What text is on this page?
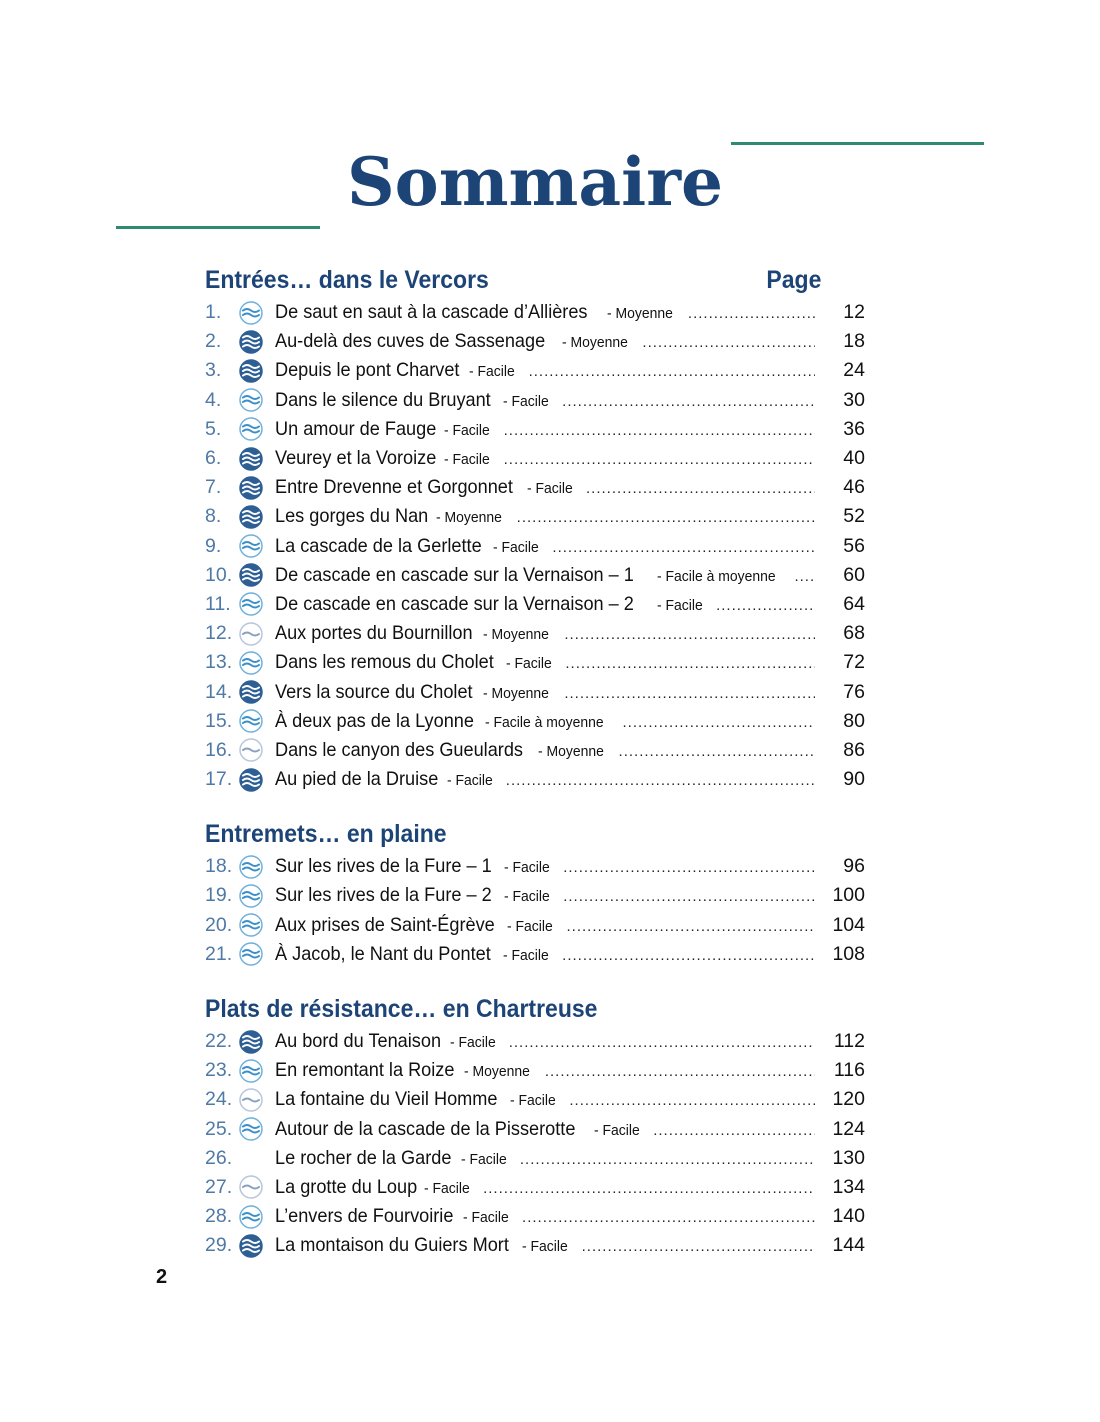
Sommaire
Entrées… dans le Vercors	Page
1.	De saut en saut à la cascade d’Allières - Moyenne .....	12
2.	Au-delà des cuves de Sassenage - Moyenne .....	18
3.	Depuis le pont Charvet - Facile .....	24
4.	Dans le silence du Bruyant - Facile .....	30
5.	Un amour de Fauge - Facile .....	36
6.	Veurey et la Voroize - Facile .....	40
7.	Entre Drevenne et Gorgonnet - Facile .....	46
8.	Les gorges du Nan - Moyenne .....	52
9.	La cascade de la Gerlette - Facile .....	56
10.	De cascade en cascade sur la Vernaison – 1 - Facile à moyenne .....	60
11.	De cascade en cascade sur la Vernaison – 2 - Facile .....	64
12.	Aux portes du Bournillon - Moyenne .....	68
13.	Dans les remous du Cholet - Facile .....	72
14.	Vers la source du Cholet - Moyenne .....	76
15.	À deux pas de la Lyonne - Facile à moyenne .....	80
16.	Dans le canyon des Gueulards - Moyenne .....	86
17.	Au pied de la Druise - Facile .....	90
Entremets… en plaine
18.	Sur les rives de la Fure – 1 - Facile .....	96
19.	Sur les rives de la Fure – 2 - Facile .....	100
20.	Aux prises de Saint-Égrève - Facile .....	104
21.	À Jacob, le Nant du Pontet - Facile .....	108
Plats de résistance… en Chartreuse
22.	Au bord du Tenaison - Facile .....	112
23.	En remontant la Roize - Moyenne .....	116
24.	La fontaine du Vieil Homme - Facile .....	120
25.	Autour de la cascade de la Pisserotte - Facile .....	124
26.	Le rocher de la Garde - Facile .....	130
27.	La grotte du Loup - Facile .....	134
28.	L’envers de Fourvoirie - Facile .....	140
29.	La montaison du Guiers Mort - Facile .....	144
2
